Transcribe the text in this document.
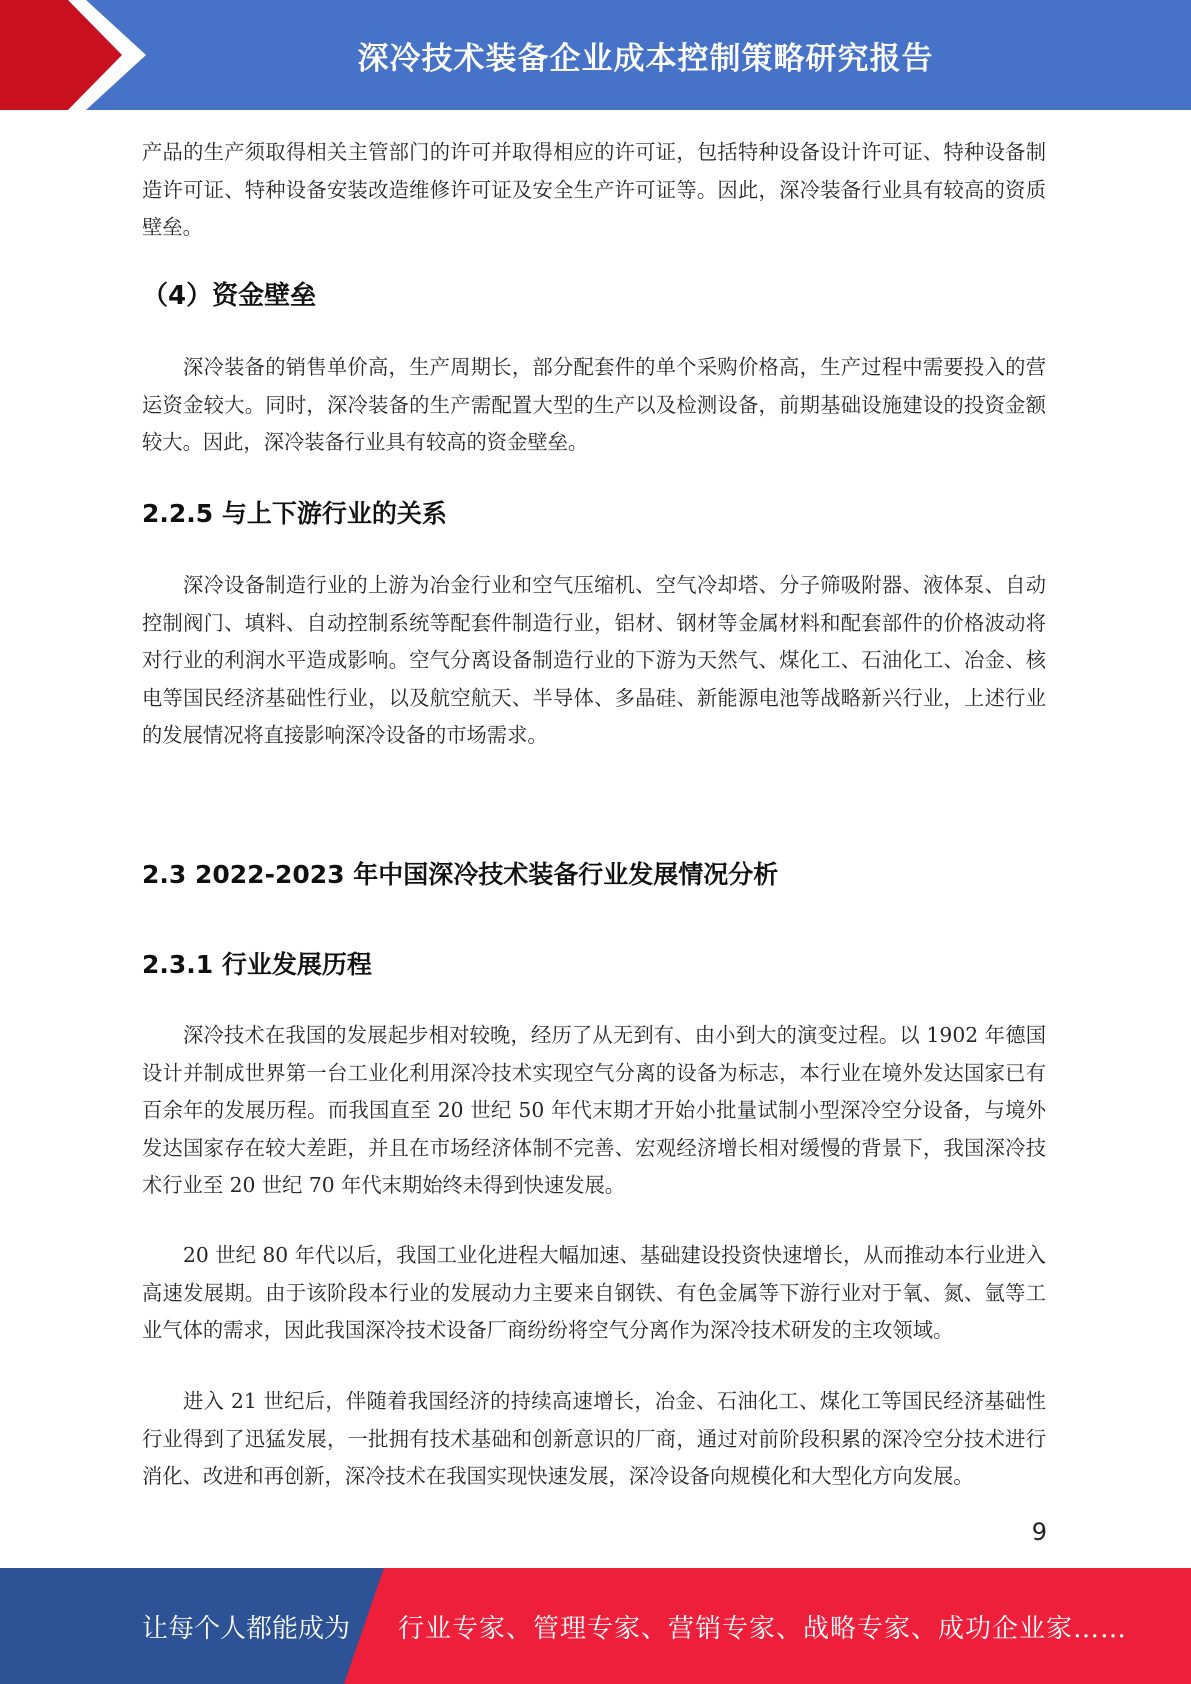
深冷技术装备企业成本控制策略研究报告

产品的生产须取得相关主管部门的许可并取得相应的许可证，包括特种设备设计许可证、特种设备制造许可证、特种设备安装改造维修许可证及安全生产许可证等。因此，深冷装备行业具有较高的资质壁垒。

（4）资金壁垒

深冷装备的销售单价高，生产周期长，部分配套件的单个采购价格高，生产过程中需要投入的营运资金较大。同时，深冷装备的生产需配置大型的生产以及检测设备，前期基础设施建设的投资金额较大。因此，深冷装备行业具有较高的资金壁垒。

2.2.5 与上下游行业的关系

深冷设备制造行业的上游为冶金行业和空气压缩机、空气冷却塔、分子筛吸附器、液体泵、自动控制阀门、填料、自动控制系统等配套件制造行业，铝材、钢材等金属材料和配套部件的价格波动将对行业的利润水平造成影响。空气分离设备制造行业的下游为天然气、煤化工、石油化工、冶金、核电等国民经济基础性行业，以及航空航天、半导体、多晶硅、新能源电池等战略新兴行业，上述行业的发展情况将直接影响深冷设备的市场需求。

2.3 2022-2023 年中国深冷技术装备行业发展情况分析
2.3.1 行业发展历程

深冷技术在我国的发展起步相对较晚，经历了从无到有、由小到大的演变过程。以 1902 年德国设计并制成世界第一台工业化利用深冷技术实现空气分离的设备为标志，本行业在境外发达国家已有百余年的发展历程。而我国直至 20 世纪 50 年代末期才开始小批量试制小型深冷空分设备，与境外发达国家存在较大差距，并且在市场经济体制不完善、宏观经济增长相对缓慢的背景下，我国深冷技术行业至 20 世纪 70 年代末期始终未得到快速发展。

20 世纪 80 年代以后，我国工业化进程大幅加速、基础建设投资快速增长，从而推动本行业进入高速发展期。由于该阶段本行业的发展动力主要来自钢铁、有色金属等下游行业对于氧、氮、氩等工业气体的需求，因此我国深冷技术设备厂商纷纷将空气分离作为深冷技术研发的主攻领域。

进入 21 世纪后，伴随着我国经济的持续高速增长，冶金、石油化工、煤化工等国民经济基础性行业得到了迅猛发展，一批拥有技术基础和创新意识的厂商，通过对前阶段积累的深冷空分技术进行消化、改进和再创新，深冷技术在我国实现快速发展，深冷设备向规模化和大型化方向发展。

9
让每个人都能成为 行业专家、管理专家、营销专家、战略专家、成功企业家……
